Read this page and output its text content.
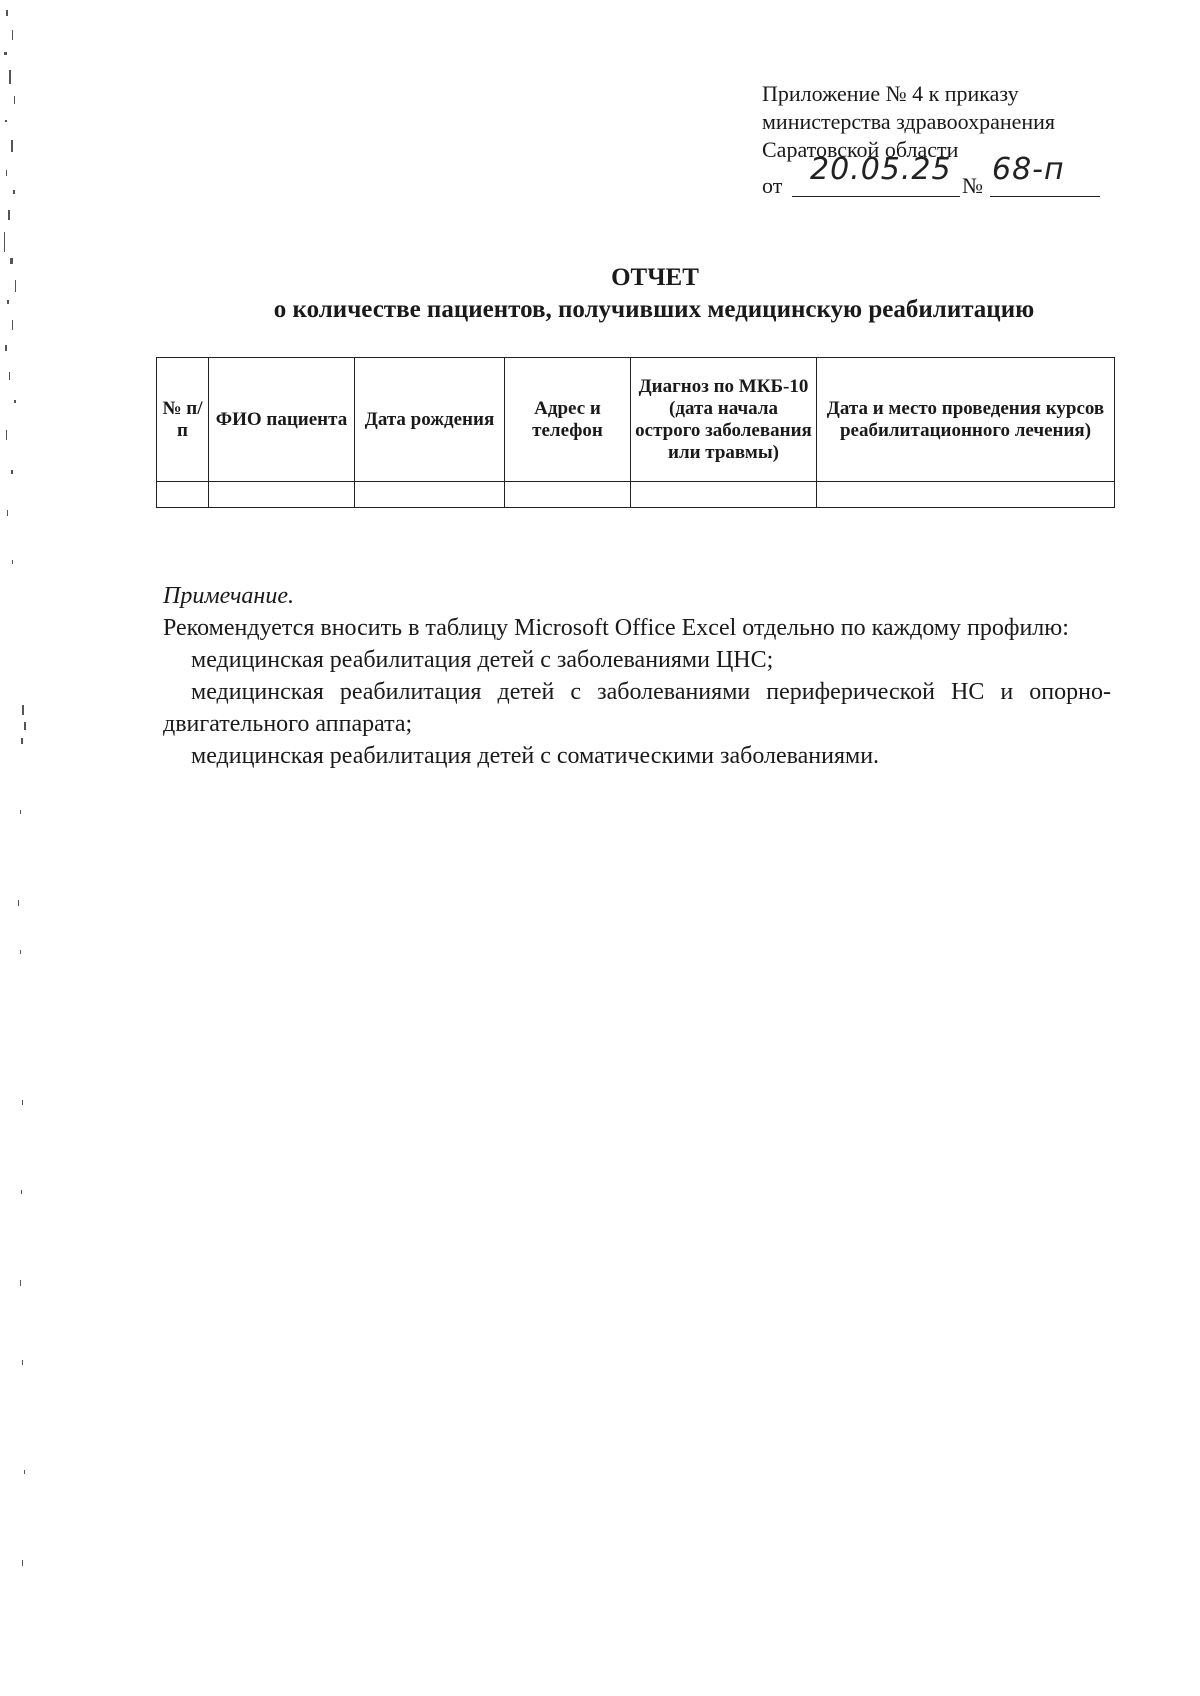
Приложение № 4 к приказу
министерства здравоохранения
Саратовской области
от 20.05.25 № 68-п
ОТЧЕТ
о количестве пациентов, получивших медицинскую реабилитацию
№ п/п	ФИО пациента	Дата рождения	Адрес и телефон	Диагноз по МКБ-10 (дата начала острого заболевания или травмы)	Дата и место проведения курсов реабилитационного лечения)

Примечание.
Рекомендуется вносить в таблицу Microsoft Office Excel отдельно по каждому профилю:
медицинская реабилитация детей с заболеваниями ЦНС;
медицинская реабилитация детей с заболеваниями периферической НС и опорно-двигательного аппарата;
медицинская реабилитация детей с соматическими заболеваниями.
